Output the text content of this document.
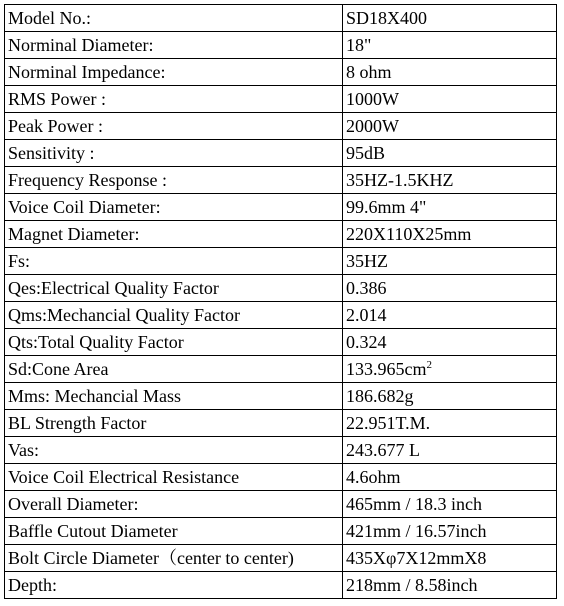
Model No.:	SD18X400
Norminal Diameter:	18"
Norminal Impedance:	8 ohm
RMS Power :	1000W
Peak Power :	2000W
Sensitivity :	95dB
Frequency Response :	35HZ-1.5KHZ
Voice Coil Diameter:	99.6mm 4"
Magnet Diameter:	220X110X25mm
Fs:	35HZ
Qes:Electrical Quality Factor	0.386
Qms:Mechancial Quality Factor	2.014
Qts:Total Quality Factor	0.324
Sd:Cone Area	$133.965cm^2$
Mms: Mechancial Mass	186.682g
BL Strength Factor	22.951T.M.
Vas:	243.677 L
Voice Coil Electrical Resistance	4.6ohm
Overall Diameter:	465mm / 18.3 inch
Baffle Cutout Diameter	421mm / 16.57inch
Bolt Circle Diameter（center to center)	435Xφ7X12mmX8
Depth:	218mm / 8.58inch
